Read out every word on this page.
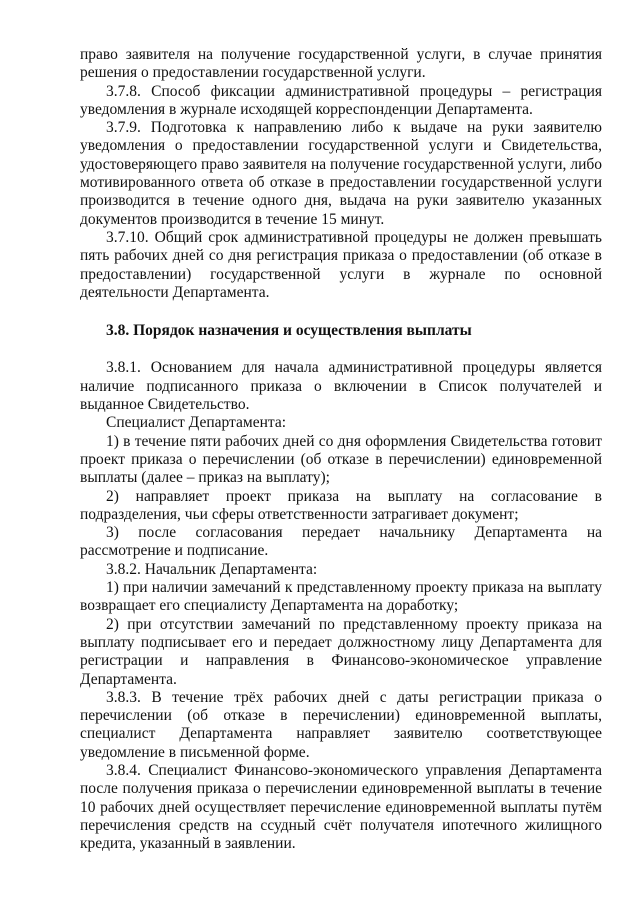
право заявителя на получение государственной услуги, в случае принятия решения о предоставлении государственной услуги.

3.7.8. Способ фиксации административной процедуры – регистрация уведомления в журнале исходящей корреспонденции Департамента.

3.7.9. Подготовка к направлению либо к выдаче на руки заявителю уведомления о предоставлении государственной услуги и Свидетельства, удостоверяющего право заявителя на получение государственной услуги, либо мотивированного ответа об отказе в предоставлении государственной услуги производится в течение одного дня, выдача на руки заявителю указанных документов производится в течение 15 минут.

3.7.10. Общий срок административной процедуры не должен превышать пять рабочих дней со дня регистрация приказа о предоставлении (об отказе в предоставлении) государственной услуги в журнале по основной деятельности Департамента.

3.8. Порядок назначения и осуществления выплаты

3.8.1. Основанием для начала административной процедуры является наличие подписанного приказа о включении в Список получателей и выданное Свидетельство.

Специалист Департамента:

1) в течение пяти рабочих дней со дня оформления Свидетельства готовит проект приказа о перечислении (об отказе в перечислении) единовременной выплаты (далее – приказ на выплату);

2) направляет проект приказа на выплату на согласование в подразделения, чьи сферы ответственности затрагивает документ;

3) после согласования передает начальнику Департамента на рассмотрение и подписание.

3.8.2. Начальник Департамента:

1) при наличии замечаний к представленному проекту приказа на выплату возвращает его специалисту Департамента на доработку;

2) при отсутствии замечаний по представленному проекту приказа на выплату подписывает его и передает должностному лицу Департамента для регистрации и направления в Финансово-экономическое управление Департамента.

3.8.3. В течение трёх рабочих дней с даты регистрации приказа о перечислении (об отказе в перечислении) единовременной выплаты, специалист Департамента направляет заявителю соответствующее уведомление в письменной форме.

3.8.4. Специалист Финансово-экономического управления Департамента после получения приказа о перечислении единовременной выплаты в течение 10 рабочих дней осуществляет перечисление единовременной выплаты путём перечисления средств на ссудный счёт получателя ипотечного жилищного кредита, указанный в заявлении.
